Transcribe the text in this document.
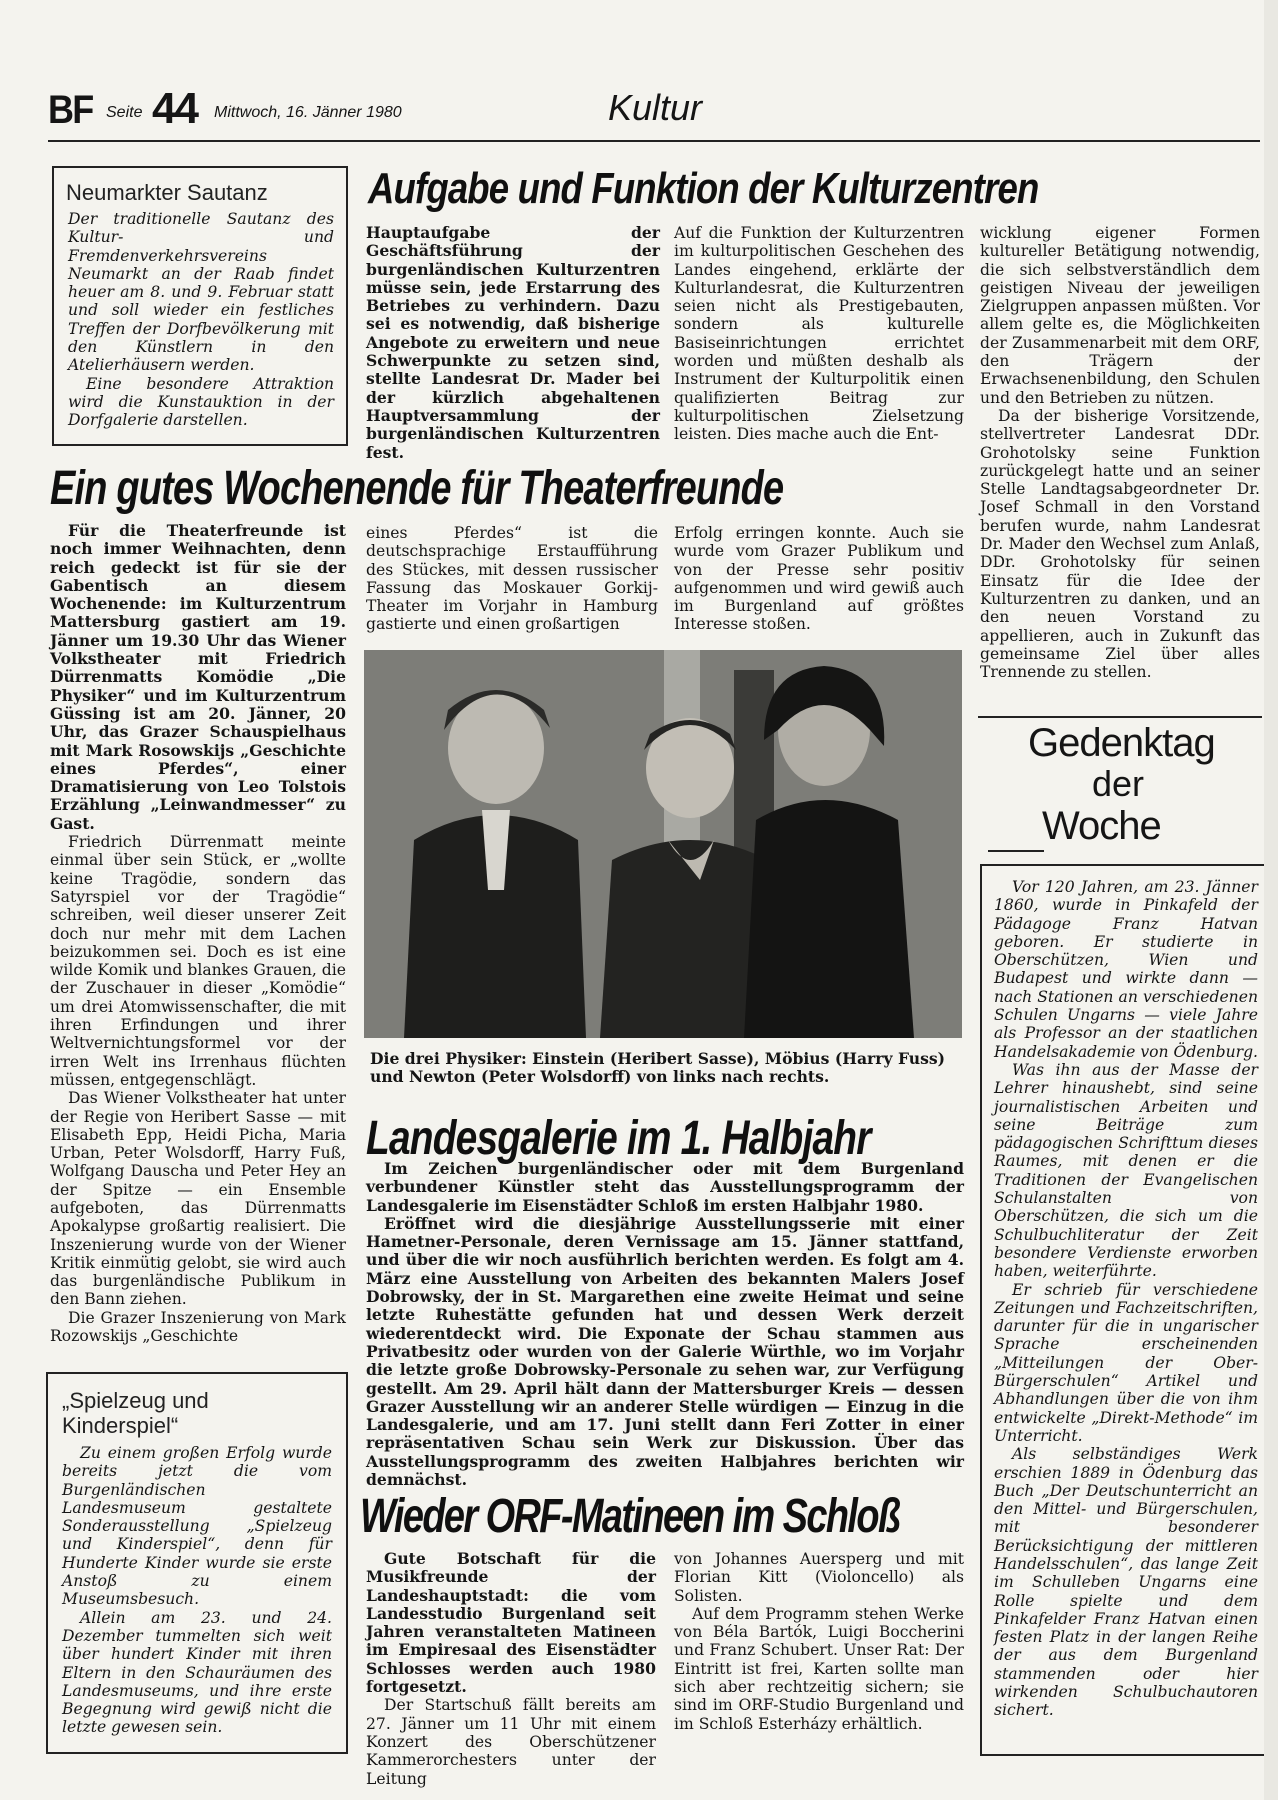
BF Seite 44 Mittwoch, 16. Jänner 1980	Kultur
Neumarkter Sautanz

Der traditionelle Sautanz des Kultur- und Fremdenverkehrsvereins Neumarkt an der Raab findet heuer am 8. und 9. Februar statt und soll wieder ein festliches Treffen der Dorfbevölkerung mit den Künstlern in den Atelierhäusern werden.

Eine besondere Attraktion wird die Kunstauktion in der Dorfgalerie darstellen.

Aufgabe und Funktion der Kulturzentren
Hauptaufgabe der Geschäftsführung der burgenländischen Kulturzentren müsse sein, jede Erstarrung des Betriebes zu verhindern. Dazu sei es notwendig, daß bisherige Angebote zu erweitern und neue Schwerpunkte zu setzen sind, stellte Landesrat Dr. Mader bei der kürzlich abgehaltenen Hauptversammlung der burgenländischen Kulturzentren fest.
Auf die Funktion der Kulturzentren im kulturpolitischen Geschehen des Landes eingehend, erklärte der Kulturlandesrat, die Kulturzentren seien nicht als Prestigebauten, sondern als kulturelle Basiseinrichtungen errichtet worden und müßten deshalb als Instrument der Kulturpolitik einen qualifizierten Beitrag zur kulturpolitischen Zielsetzung leisten. Dies mache auch die Ent-

wicklung eigener Formen kultureller Betätigung notwendig, die sich selbstverständlich dem geistigen Niveau der jeweiligen Zielgruppen anpassen müßten. Vor allem gelte es, die Möglichkeiten der Zusammenarbeit mit dem ORF, den Trägern der Erwachsenenbildung, den Schulen und den Betrieben zu nützen.

Da der bisherige Vorsitzende, stellvertreter Landesrat DDr. Grohotolsky seine Funktion zurückgelegt hatte und an seiner Stelle Landtagsabgeordneter Dr. Josef Schmall in den Vorstand berufen wurde, nahm Landesrat Dr. Mader den Wechsel zum Anlaß, DDr. Grohotolsky für seinen Einsatz für die Idee der Kulturzentren zu danken, und an den neuen Vorstand zu appellieren, auch in Zukunft das gemeinsame Ziel über alles Trennende zu stellen.

Ein gutes Wochenende für Theaterfreunde

Für die Theaterfreunde ist noch immer Weihnachten, denn reich gedeckt ist für sie der Gabentisch an diesem Wochenende: im Kulturzentrum Mattersburg gastiert am 19. Jänner um 19.30 Uhr das Wiener Volkstheater mit Friedrich Dürrenmatts Komödie „Die Physiker“ und im Kulturzentrum Güssing ist am 20. Jänner, 20 Uhr, das Grazer Schauspielhaus mit Mark Rosowskijs „Geschichte eines Pferdes“, einer Dramatisierung von Leo Tolstois Erzählung „Leinwandmesser“ zu Gast.

Friedrich Dürrenmatt meinte einmal über sein Stück, er „wollte keine Tragödie, sondern das Satyrspiel vor der Tragödie“ schreiben, weil dieser unserer Zeit doch nur mehr mit dem Lachen beizukommen sei. Doch es ist eine wilde Komik und blankes Grauen, die der Zuschauer in dieser „Komödie“ um drei Atomwissenschafter, die mit ihren Erfindungen und ihrer Weltvernichtungsformel vor der irren Welt ins Irrenhaus flüchten müssen, entgegenschlägt.

Das Wiener Volkstheater hat unter der Regie von Heribert Sasse — mit Elisabeth Epp, Heidi Picha, Maria Urban, Peter Wolsdorff, Harry Fuß, Wolfgang Dauscha und Peter Hey an der Spitze — ein Ensemble aufgeboten, das Dürrenmatts Apokalypse großartig realisiert. Die Inszenierung wurde von der Wiener Kritik einmütig gelobt, sie wird auch das burgenländische Publikum in den Bann ziehen.

Die Grazer Inszenierung von Mark Rozowskijs „Geschichte

eines Pferdes“ ist die deutschsprachige Erstaufführung des Stückes, mit dessen russischer Fassung das Moskauer Gorkij-Theater im Vorjahr in Hamburg gastierte und einen großartigen
Erfolg erringen konnte. Auch sie wurde vom Grazer Publikum und von der Presse sehr positiv aufgenommen und wird gewiß auch im Burgenland auf größtes Interesse stoßen.
Die drei Physiker: Einstein (Heribert Sasse), Möbius (Harry Fuss) und Newton (Peter Wolsdorff) von links nach rechts.
Landesgalerie im 1. Halbjahr

Im Zeichen burgenländischer oder mit dem Burgenland verbundener Künstler steht das Ausstellungsprogramm der Landesgalerie im Eisenstädter Schloß im ersten Halbjahr 1980.

Eröffnet wird die diesjährige Ausstellungsserie mit einer Hametner-Personale, deren Vernissage am 15. Jänner stattfand, und über die wir noch ausführlich berichten werden. Es folgt am 4. März eine Ausstellung von Arbeiten des bekannten Malers Josef Dobrowsky, der in St. Margarethen eine zweite Heimat und seine letzte Ruhestätte gefunden hat und dessen Werk derzeit wiederentdeckt wird. Die Exponate der Schau stammen aus Privatbesitz oder wurden von der Galerie Würthle, wo im Vorjahr die letzte große Dobrowsky-Personale zu sehen war, zur Verfügung gestellt. Am 29. April hält dann der Mattersburger Kreis — dessen Grazer Ausstellung wir an anderer Stelle würdigen — Einzug in die Landesgalerie, und am 17. Juni stellt dann Feri Zotter in einer repräsentativen Schau sein Werk zur Diskussion. Über das Ausstellungsprogramm des zweiten Halbjahres berichten wir demnächst.

Wieder ORF-Matineen im Schloß

Gute Botschaft für die Musikfreunde der Landeshauptstadt: die vom Landesstudio Burgenland seit Jahren veranstalteten Matineen im Empiresaal des Eisenstädter Schlosses werden auch 1980 fortgesetzt.

Der Startschuß fällt bereits am 27. Jänner um 11 Uhr mit einem Konzert des Oberschützener Kammerorchesters unter der Leitung

von Johannes Auersperg und mit Florian Kitt (Violoncello) als Solisten.

Auf dem Programm stehen Werke von Béla Bartók, Luigi Boccherini und Franz Schubert. Unser Rat: Der Eintritt ist frei, Karten sollte man sich aber rechtzeitig sichern; sie sind im ORF-Studio Burgenland und im Schloß Esterházy erhältlich.

„Spielzeug und Kinderspiel“

Zu einem großen Erfolg wurde bereits jetzt die vom Burgenländischen Landesmuseum gestaltete Sonderausstellung „Spielzeug und Kinderspiel“, denn für Hunderte Kinder wurde sie erste Anstoß zu einem Museumsbesuch.

Allein am 23. und 24. Dezember tummelten sich weit über hundert Kinder mit ihren Eltern in den Schauräumen des Landesmuseums, und ihre erste Begegnung wird gewiß nicht die letzte gewesen sein.

Gedenktag
der
Woche

Vor 120 Jahren, am 23. Jänner 1860, wurde in Pinkafeld der Pädagoge Franz Hatvan geboren. Er studierte in Oberschützen, Wien und Budapest und wirkte dann — nach Stationen an verschiedenen Schulen Ungarns — viele Jahre als Professor an der staatlichen Handelsakademie von Ödenburg.

Was ihn aus der Masse der Lehrer hinaushebt, sind seine journalistischen Arbeiten und seine Beiträge zum pädagogischen Schrifttum dieses Raumes, mit denen er die Traditionen der Evangelischen Schulanstalten von Oberschützen, die sich um die Schulbuchliteratur der Zeit besondere Verdienste erworben haben, weiterführte.

Er schrieb für verschiedene Zeitungen und Fachzeitschriften, darunter für die in ungarischer Sprache erscheinenden „Mitteilungen der Ober-Bürgerschulen“ Artikel und Abhandlungen über die von ihm entwickelte „Direkt-Methode“ im Unterricht.

Als selbständiges Werk erschien 1889 in Ödenburg das Buch „Der Deutschunterricht an den Mittel- und Bürgerschulen, mit besonderer Berücksichtigung der mittleren Handelsschulen“, das lange Zeit im Schulleben Ungarns eine Rolle spielte und dem Pinkafelder Franz Hatvan einen festen Platz in der langen Reihe der aus dem Burgenland stammenden oder hier wirkenden Schulbuchautoren sichert.
